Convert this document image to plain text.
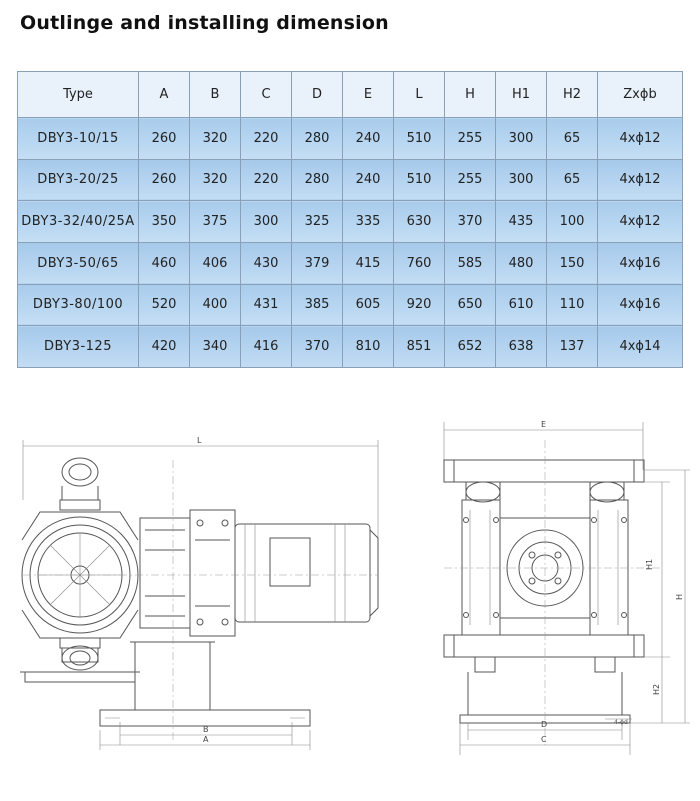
Outlinge and installing dimension
Type	A	B	C	D	E	L	H	H1	H2	Zxϕb
DBY3-10/15	260	320	220	280	240	510	255	300	65	4xϕ12
DBY3-20/25	260	320	220	280	240	510	255	300	65	4xϕ12
DBY3-32/40/25A	350	375	300	325	335	630	370	435	100	4xϕ12
DBY3-50/65	460	406	430	379	415	760	585	480	150	4xϕ16
DBY3-80/100	520	400	431	385	605	920	650	610	110	4xϕ16
DBY3-125	420	340	416	370	810	851	652	638	137	4xϕ14
L
B
A
E
H1
H
H2
D
C
4-ϕd
